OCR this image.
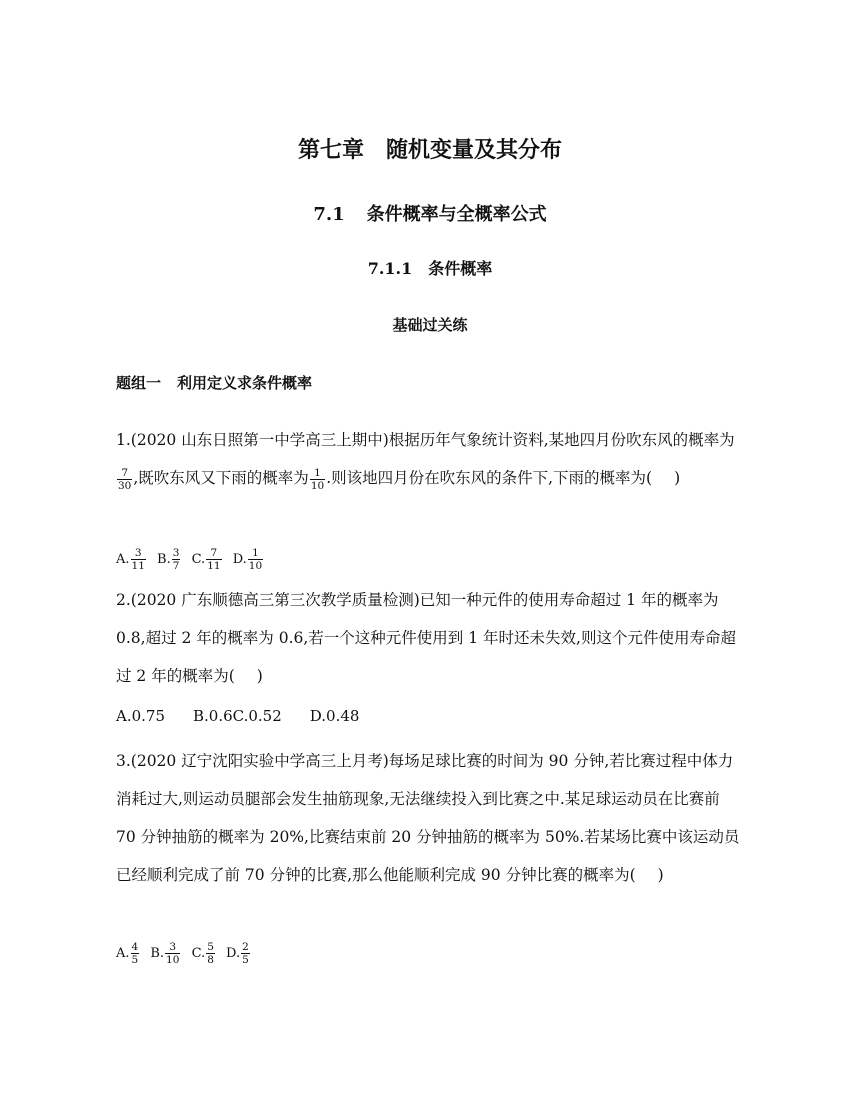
第七章 随机变量及其分布
7.1 条件概率与全概率公式
7.1.1　条件概率
基础过关练
题组一 利用定义求条件概率
1.(2020 山东日照第一中学高三上期中)根据历年气象统计资料,某地四月份吹东风的概率为
$\frac{7}{30}$ ,既吹东风又下雨的概率为 $\frac{1}{10}$ .则该地四月份在吹东风的条件下,下雨的概率为( )
A. $\frac{3}{11} B$. $\frac{3}{7} C$. $\frac{7}{11} D$. $\frac{1}{10}$
2.(2020 广东顺德高三第三次教学质量检测)已知一种元件的使用寿命超过 1 年的概率为 0.8,超过 2 年的概率为 0.6,若一个这种元件使用到 1 年时还未失效,则这个元件使用寿命超过 2 年的概率为( )
A.0.75 B.0.6C.0.52 D.0.48
3.(2020 辽宁沈阳实验中学高三上月考)每场足球比赛的时间为 90 分钟,若比赛过程中体力消耗过大,则运动员腿部会发生抽筋现象,无法继续投入到比赛之中.某足球运动员在比赛前 70 分钟抽筋的概率为 20%,比赛结束前 20 分钟抽筋的概率为 50%.若某场比赛中该运动员已经顺利完成了前 70 分钟的比赛,那么他能顺利完成 90 分钟比赛的概率为( )
A. $\frac{4}{5} B$. $\frac{3}{10} C$. $\frac{5}{8} D$. $\frac{2}{5}$
